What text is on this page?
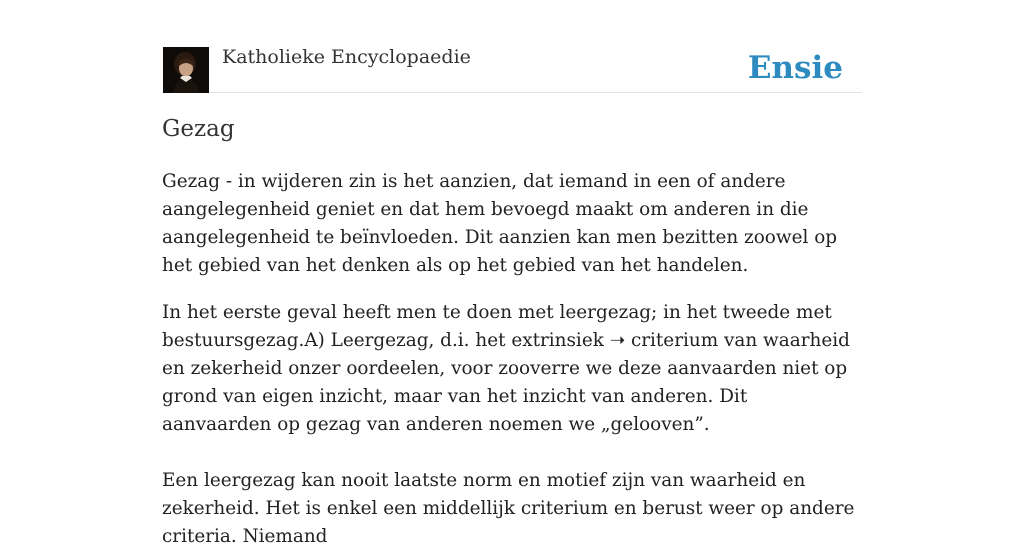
Katholieke Encyclopaedie	Ensie
Gezag

Gezag - in wijderen zin is het aanzien, dat iemand in een of andere aangelegenheid geniet en dat hem bevoegd maakt om anderen in die aangelegenheid te beïnvloeden. Dit aanzien kan men bezitten zoowel op het gebied van het denken als op het gebied van het handelen.

In het eerste geval heeft men te doen met leergezag; in het tweede met bestuursgezag.A) Leergezag, d.i. het extrinsiek ➝ criterium van waarheid en zekerheid onzer oordeelen, voor zooverre we deze aanvaarden niet op grond van eigen inzicht, maar van het inzicht van anderen. Dit aanvaarden op gezag van anderen noemen we „gelooven”.

Een leergezag kan nooit laatste norm en motief zijn van waarheid en zekerheid. Het is enkel een middellijk criterium en berust weer op andere criteria. Niemand
